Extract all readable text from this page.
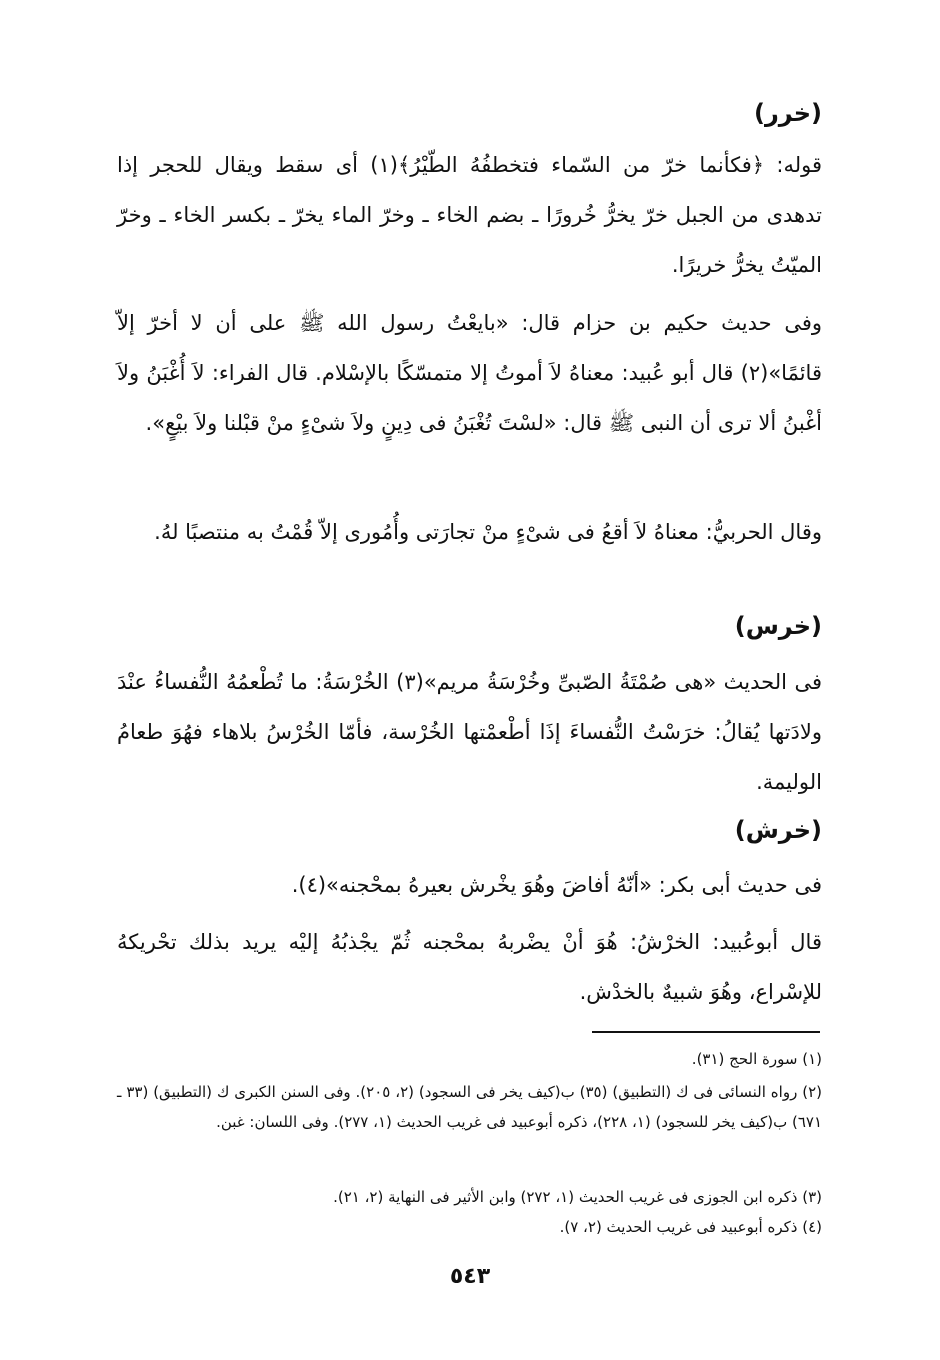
(خرر)
قوله: ﴿فكأنما خرّ من السّماء فتخطفُهُ الطّيْرُ﴾(١) أى سقط ويقال للحجر إذا تدهدى من الجبل خرّ يخرُّ خُرورًا ـ بضم الخاء ـ وخرّ الماء يخرّ ـ بكسر الخاء ـ وخرّ الميّتُ يخرُّ خريرًا.
وفى حديث حكيم بن حزام قال: «بايعْتُ رسول الله ﷺ على أن لا أخرّ إلاّ قائمًا»(٢) قال أبو عُبيد: معناهُ لاَ أموتُ إلا متمسّكًا بالإسْلام. قال الفراء: لاَ أُغْبَنُ ولاَ أغْبنُ ألا ترى أن النبى ﷺ قال: «لسْتَ تُغْبَنُ فى دِينٍ ولاَ شىْءٍ منْ قبْلنا ولاَ بيْعٍ».
وقال الحربيُّ: معناهُ لاَ أقعُ فى شىْءٍ منْ تجارَتى وأُمُورى إلاّ قُمْتُ به منتصبًا لهُ.
(خرس)
فى الحديث «هى صُمْتَةُ الصّبىِّ وخُرْسَةُ مريم»(٣) الخُرْسَةُ: ما تُطْعمُهُ النُّفساءُ عنْدَ ولادَتها يُقالُ: خرَسْتُ النُّفساءَ إذَا أطْعمْتها الخُرْسة، فأمّا الخُرْسُ بلاهاء فهُوَ طعامُ الوليمة.
(خرش)
فى حديث أبى بكر: «أنّهُ أفاضَ وهُوَ يخْرش بعيرهُ بمحْجنه»(٤).
قال أبوعُبيد: الخرْشُ: هُوَ أنْ يضْربهُ بمحْجنه ثُمّ يجْذبُهُ إليْه يريد بذلك تحْريكهُ للإسْراع، وهُوَ شبيهٌ بالخدْش.
(١) سورة الحج (٣١).
(٢) رواه النسائى فى ك (التطبيق) (٣٥) ب(كيف يخر فى السجود) (٢، ٢٠٥). وفى السنن الكبرى ك (التطبيق) (٣٣ ـ ٦٧١) ب(كيف يخر للسجود) (١، ٢٢٨)، ذكره أبوعبيد فى غريب الحديث (١، ٢٧٧). وفى اللسان: غبن.
(٣) ذكره ابن الجوزى فى غريب الحديث (١، ٢٧٢) وابن الأثير فى النهاية (٢، ٢١).
(٤) ذكره أبوعبيد فى غريب الحديث (٢، ٧).
٥٤٣
